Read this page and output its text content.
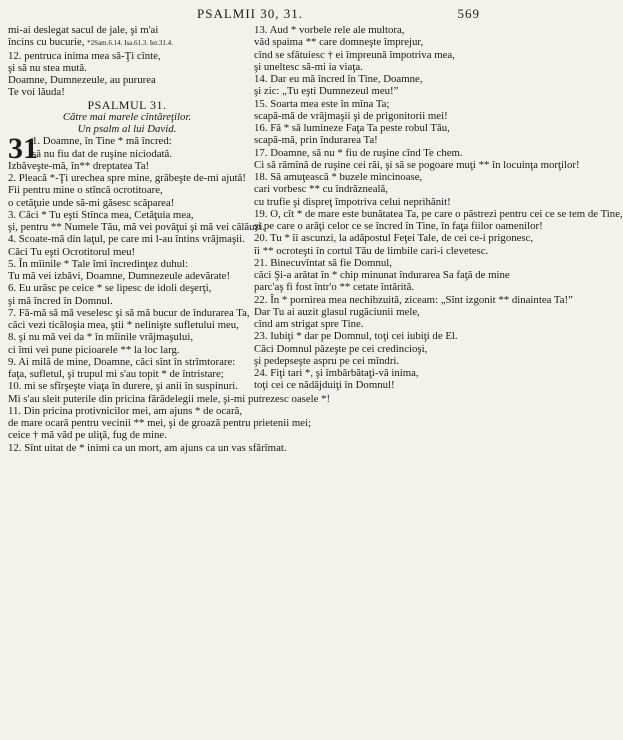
PSALMII 30, 31.	569
mi-ai deslegat sacul de jale, şi m'ai
încins cu bucurie, *2Sam.6.14. Isa.61.3. Ier.31.4.
12. pentruca inima mea să-Ţi cînte,
şi să nu stea mută.
Doamne, Dumnezeule, au pururea
Te voi lăuda!
PSALMUL 31.
Către mai marele cîntăreţilor.
Un psalm al lui David.
31
1. Doamne, în Tine * mă încred:
să nu fiu dat de ruşine niciodată.
Izbăveşte-mă, în** dreptatea Ta!
2. Pleacă *-Ţi urechea spre mine, grăbeşte de-mi ajută!
Fii pentru mine o stîncă ocrotitoare,
o cetăţuie unde să-mi găsesc scăparea!
3. Căci * Tu eşti Stînca mea, Cetăţuia mea,
şi, pentru ** Numele Tău, mă vei povăţui şi mă vei călăuzi.
4. Scoate-mă din laţul, pe care mi l-au întins vrăjmaşii.
Căci Tu eşti Ocrotitorul meu!
5. În mîinile * Tale îmi încredinţez duhul:
Tu mă vei izbăvi, Doamne, Dumnezeule adevărate!
6. Eu urăsc pe ceice * se lipesc de idoli deşerţi,
şi mă încred în Domnul.
7. Fă-mă să mă veselesc şi să mă bucur de îndurarea Ta,
căci vezi ticăloşia mea, ştii * nelinişte sufletului meu,
8. şi nu mă vei da * în mîinile vrăjmaşului,
ci îmi vei pune picioarele ** la loc larg.
9. Ai milă de mine, Doamne, căci sînt în strîmtorare:
faţa, sufletul, şi trupul mi s'au topit * de întristare;
10. mi se sfîrşeşte viaţa în durere, şi anii în suspinuri.
Mi s'au sleit puterile din pricina fărădelegii mele, şi-mi putrezesc oasele *!
11. Din pricina protivnicilor mei, am ajuns * de ocară,
de mare ocară pentru vecinii ** mei, şi de groază pentru prietenii mei;
ceice † mă văd pe uliţă, fug de mine.
12. Sînt uitat de * inimi ca un mort, am ajuns ca un vas sfărîmat.
13. Aud * vorbele rele ale multora,
văd spaima ** care domneşte împrejur,
cînd se sfătuiesc † ei împreună împotriva mea,
şi uneltesc să-mi ia viaţa.
14. Dar eu mă încred în Tine, Doamne,
şi zic: „Tu eşti Dumnezeul meu!”
15. Soarta mea este în mîna Ta;
scapă-mă de vrăjmaşii şi de prigonitorii mei!
16. Fă * să lumineze Faţa Ta peste robul Tău,
scapă-mă, prin îndurarea Ta!
17. Doamne, să nu * fiu de ruşine cînd Te chem.
Ci să rămînă de ruşine cei răi, şi să se pogoare muţi ** în locuinţa morţilor!
18. Să amuţească * buzele mincinoase,
cari vorbesc ** cu îndrăzneală,
cu trufie şi dispreţ împotriva celui neprihănit!
19. O, cît * de mare este bunătatea Ta, pe care o păstrezi pentru cei ce se tem de Tine,
şi pe care o arăţi celor ce se încred în Tine, în faţa fiilor oamenilor!
20. Tu * îi ascunzi, la adăpostul Feţei Tale, de cei ce-i prigonesc,
îi ** ocroteşti în cortul Tău de limbile cari-i clevetesc.
21. Binecuvîntat să fie Domnul,
căci Şi-a arătat în * chip minunat îndurarea Sa faţă de mine
parc'aş fi fost într'o ** cetate întărită.
22. În * pornirea mea nechibzuită, ziceam: „Sînt izgonit ** dinaintea Ta!”
Dar Tu ai auzit glasul rugăciunii mele,
cînd am strigat spre Tine.
23. Iubiţi * dar pe Domnul, toţi cei iubiţi de El.
Căci Domnul păzeşte pe cei credincioşi,
şi pedepseşte aspru pe cei mîndri.
24. Fiţi tari *, şi îmbărbătaţi-vă inima,
toţi cei ce nădăjduiţi în Domnul!
